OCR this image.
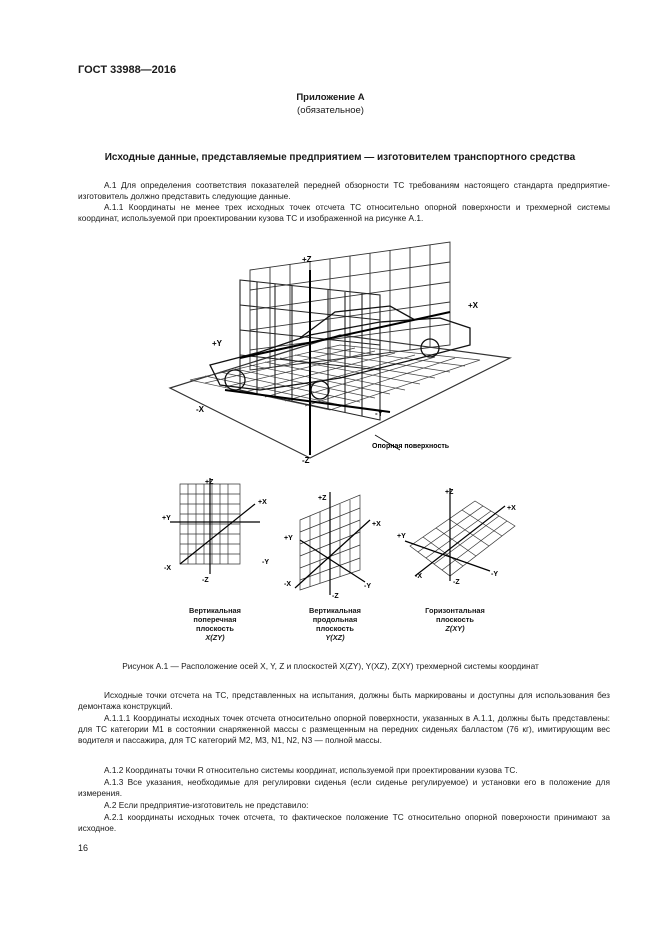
ГОСТ 33988—2016
Приложение А
(обязательное)
Исходные данные, представляемые предприятием — изготовителем транспортного средства
А.1 Для определения соответствия показателей передней обзорности ТС требованиям настоящего стандарта предприятие-изготовитель должно представить следующие данные.
А.1.1 Координаты не менее трех исходных точек отсчета ТС относительно опорной поверхности и трехмерной системы координат, используемой при проектировании кузова ТС и изображенной на рисунке А.1.
+Z
-Z
+X
-X
+Y
-Y
Опорная поверхность
+Z
-Z
+X
-X
+Y
-Y
+Z
-Z
+X
-X
+Y
-Y
+Z
-Z
+X
-X
+Y
-Y
Вертикальная
поперечная
плоскость
X(ZY)
Вертикальная
продольная
плоскость
Y(XZ)
Горизонтальная
плоскость
Z(XY)
Рисунок А.1 — Расположение осей X, Y, Z и плоскостей X(ZY), Y(XZ), Z(XY) трехмерной системы координат
Исходные точки отсчета на ТС, представленных на испытания, должны быть маркированы и доступны для использования без демонтажа конструкций.
А.1.1.1 Координаты исходных точек отсчета относительно опорной поверхности, указанных в А.1.1, должны быть представлены: для ТС категории М1 в состоянии снаряженной массы с размещенным на передних сиденьях балластом (76 кг), имитирующим вес водителя и пассажира, для ТС категорий М2, М3, N1, N2, N3 — полной массы.
А.1.2 Координаты точки R относительно системы координат, используемой при проектировании кузова ТС.
А.1.3 Все указания, необходимые для регулировки сиденья (если сиденье регулируемое) и установки его в положение для измерения.
А.2 Если предприятие-изготовитель не представило:
А.2.1 координаты исходных точек отсчета, то фактическое положение ТС относительно опорной поверхности принимают за исходное.
16
